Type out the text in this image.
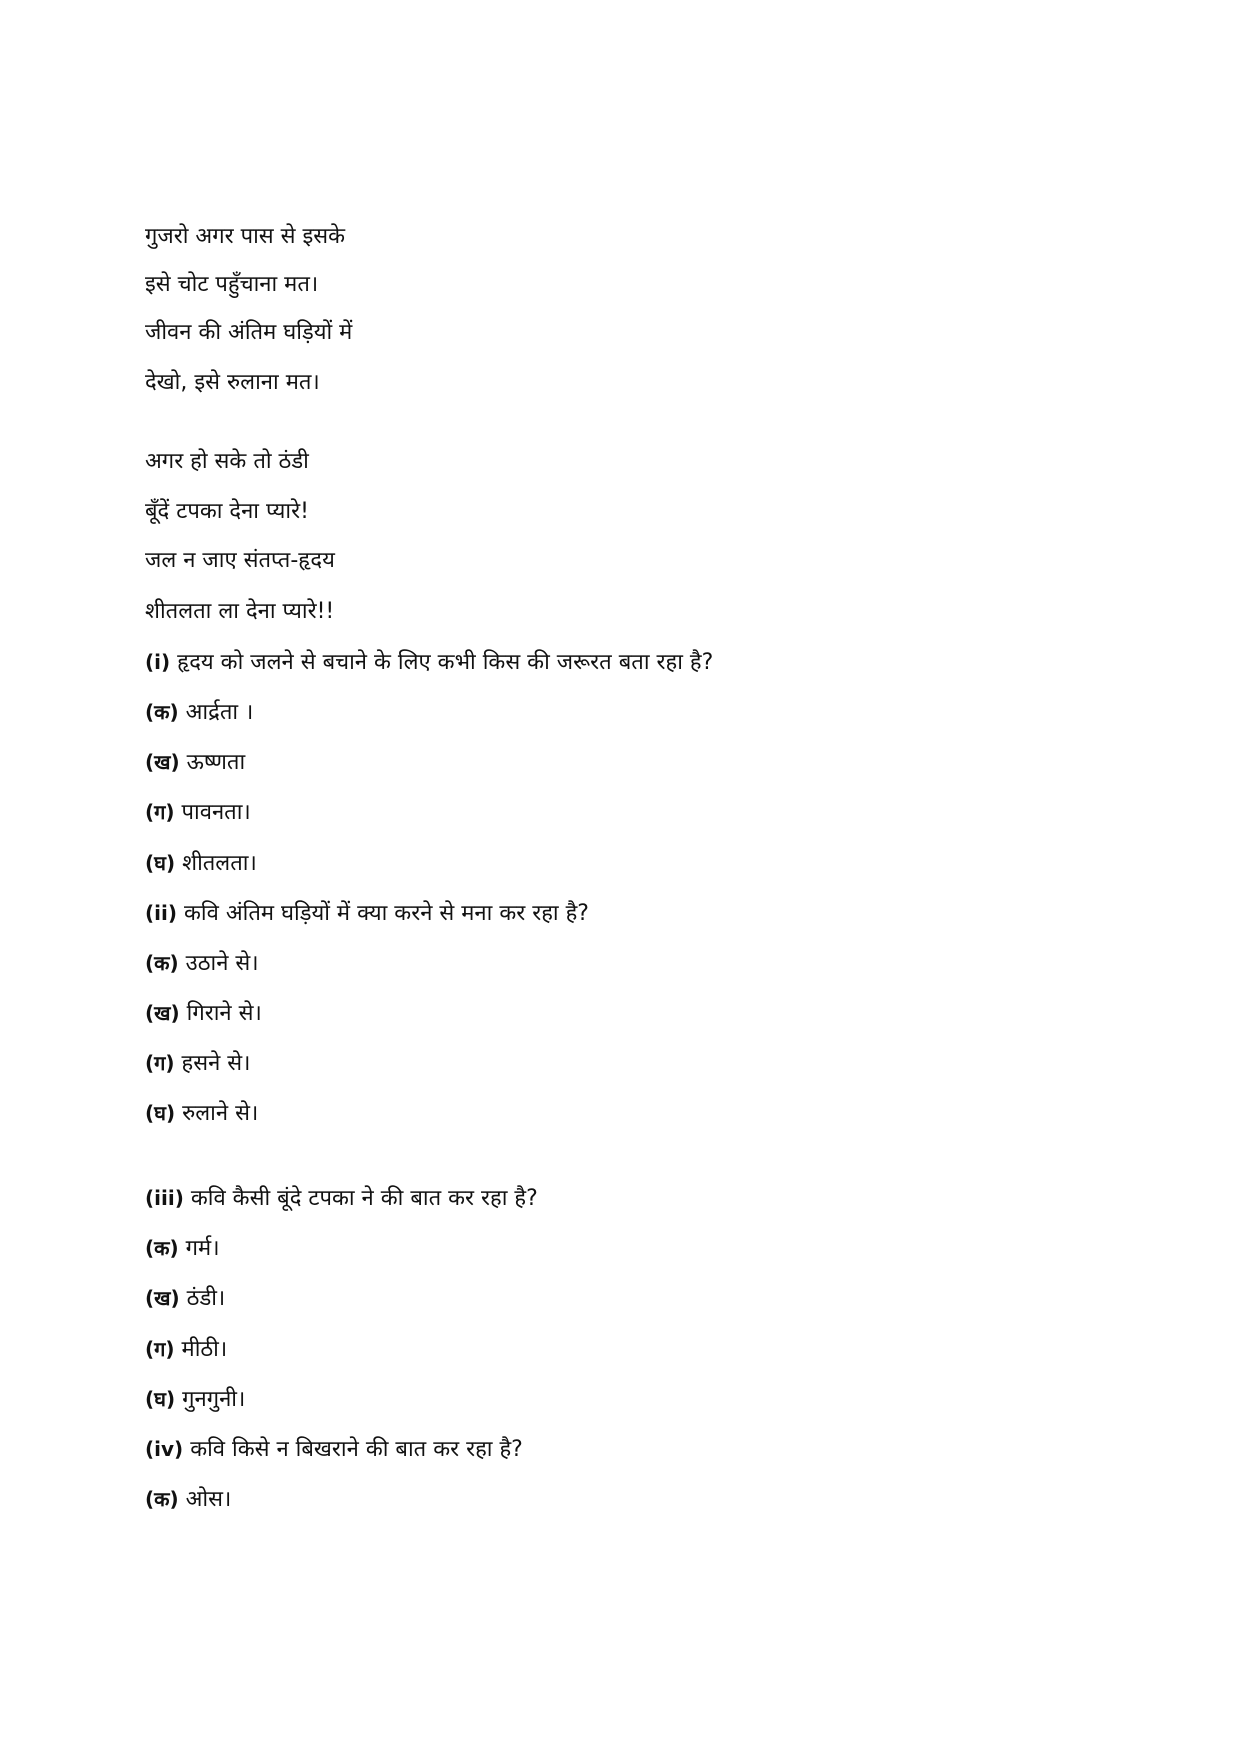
गुजरो अगर पास से इसके

इसे चोट पहुँचाना मत।

जीवन की अंतिम घड़ियों में

देखो, इसे रुलाना मत।

अगर हो सके तो ठंडी

बूँदें टपका देना प्यारे!

जल न जाए संतप्त-हृदय

शीतलता ला देना प्यारे!!

(i) हृदय को जलने से बचाने के लिए कभी किस की जरूरत बता रहा है?

(क) आर्द्रता ।

(ख) ऊष्णता

(ग) पावनता।

(घ) शीतलता।

(ii) कवि अंतिम घड़ियों में क्या करने से मना कर रहा है?

(क) उठाने से।

(ख) गिराने से।

(ग) हसने से।

(घ) रुलाने से।

(iii) कवि कैसी बूंदे टपका ने की बात कर रहा है?

(क) गर्म।

(ख) ठंडी।

(ग) मीठी।

(घ) गुनगुनी।

(iv) कवि किसे न बिखराने की बात कर रहा है?

(क) ओस।
